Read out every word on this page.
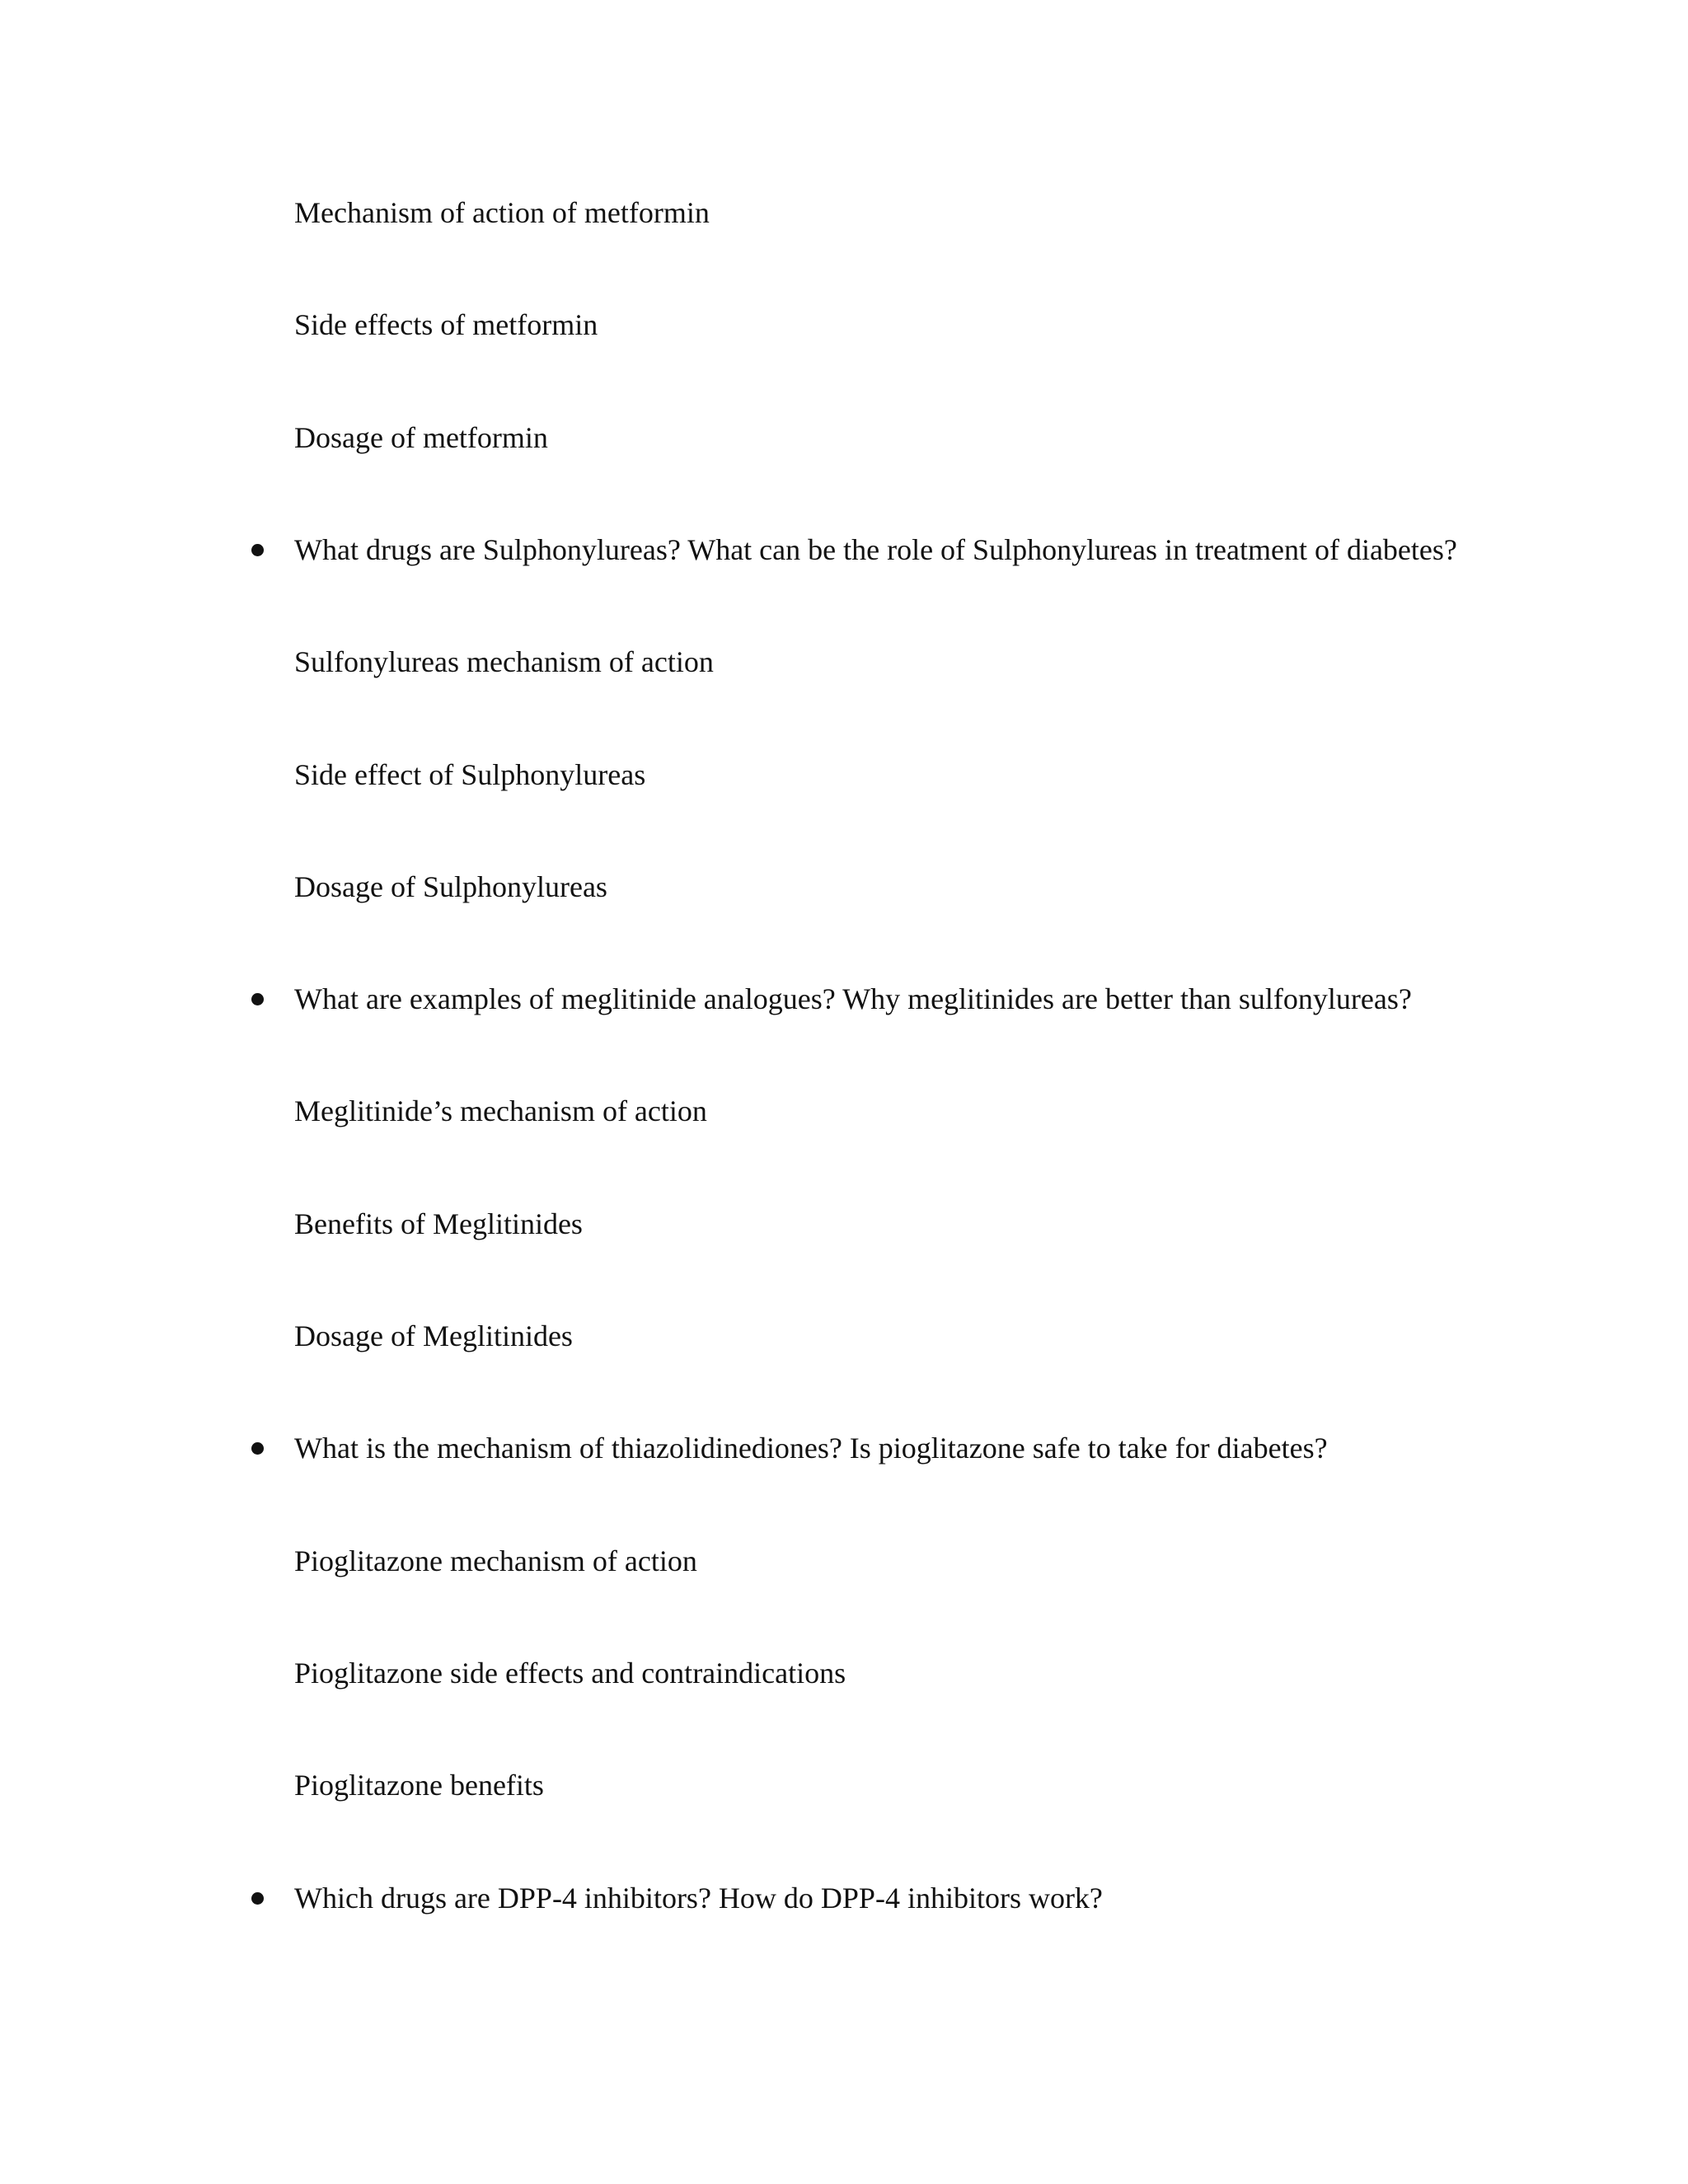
Mechanism of action of metformin
Side effects of metformin
Dosage of metformin
What drugs are Sulphonylureas? What can be the role of Sulphonylureas in treatment of diabetes?
Sulfonylureas mechanism of action
Side effect of Sulphonylureas
Dosage of Sulphonylureas
What are examples of meglitinide analogues? Why meglitinides are better than sulfonylureas?
Meglitinide’s mechanism of action
Benefits of Meglitinides
Dosage of Meglitinides
What is the mechanism of thiazolidinediones? Is pioglitazone safe to take for diabetes?
Pioglitazone mechanism of action
Pioglitazone side effects and contraindications
Pioglitazone benefits
Which drugs are DPP-4 inhibitors? How do DPP-4 inhibitors work?
